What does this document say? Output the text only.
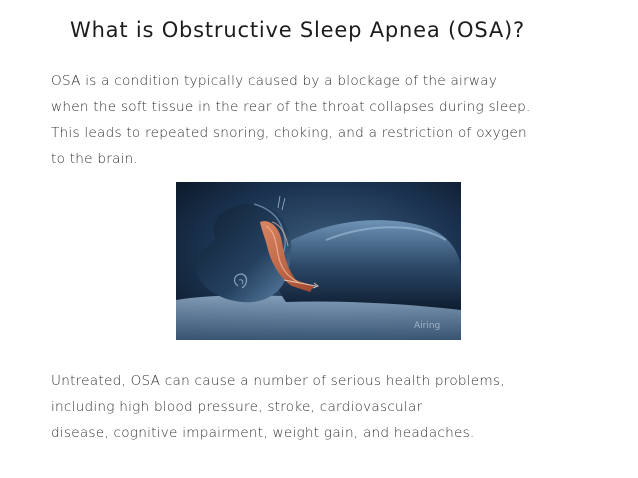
What is Obstructive Sleep Apnea (OSA)?

OSA is a condition typically caused by a blockage of the airway
when the soft tissue in the rear of the throat collapses during sleep.
This leads to repeated snoring, choking, and a restriction of oxygen
to the brain.

Airing

Untreated, OSA can cause a number of serious health problems,
including high blood pressure, stroke, cardiovascular
disease, cognitive impairment, weight gain, and headaches.
